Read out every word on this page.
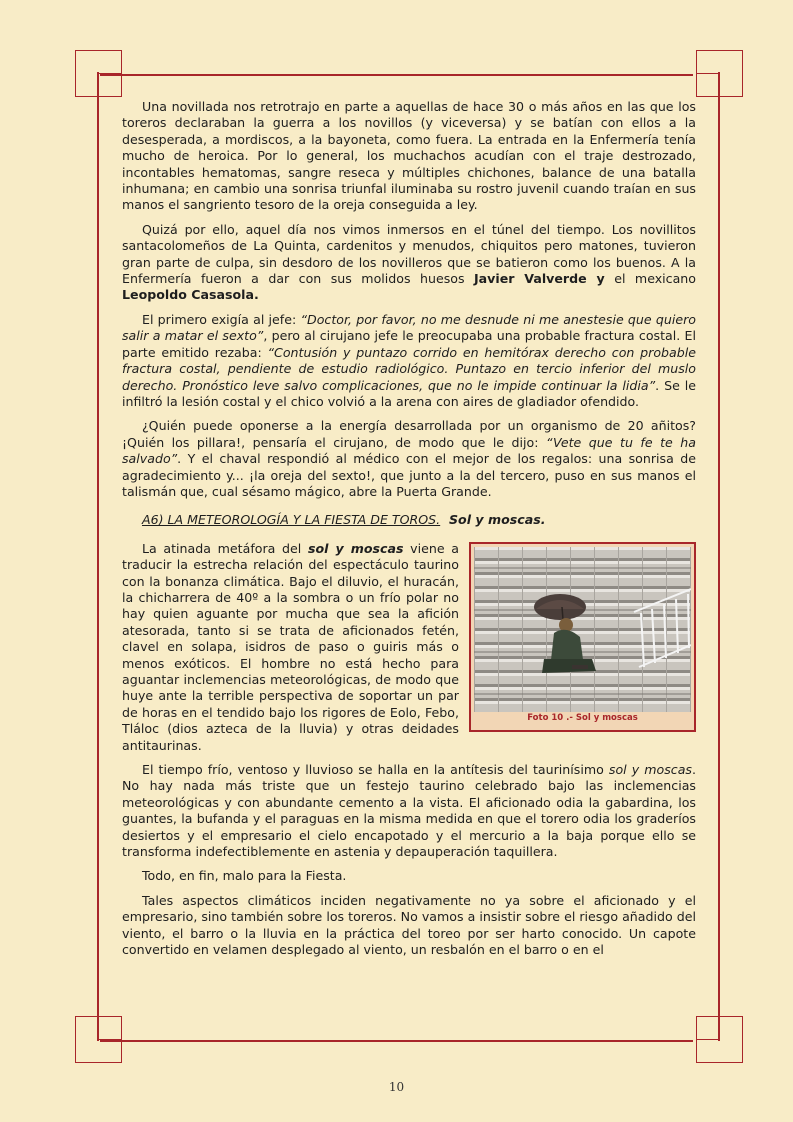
Una novillada nos retrotrajo en parte a aquellas de hace 30 o más años en las que los toreros declaraban la guerra a los novillos (y viceversa) y se batían con ellos a la desesperada, a mordiscos, a la bayoneta, como fuera. La entrada en la Enfermería tenía mucho de heroica. Por lo general, los muchachos acudían con el traje destrozado, incontables hematomas, sangre reseca y múltiples chichones, balance de una batalla inhumana; en cambio una sonrisa triunfal iluminaba su rostro juvenil cuando traían en sus manos el sangriento tesoro de la oreja conseguida a ley.

Quizá por ello, aquel día nos vimos inmersos en el túnel del tiempo. Los novillitos santacolomeños de La Quinta, cardenitos y menudos, chiquitos pero matones, tuvieron gran parte de culpa, sin desdoro de los novilleros que se batieron como los buenos. A la Enfermería fueron a dar con sus molidos huesos Javier Valverde y el mexicano Leopoldo Casasola.

El primero exigía al jefe: “Doctor, por favor, no me desnude ni me anestesie que quiero salir a matar el sexto”, pero al cirujano jefe le preocupaba una probable fractura costal. El parte emitido rezaba: “Contusión y puntazo corrido en hemitórax derecho con probable fractura costal, pendiente de estudio radiológico. Puntazo en tercio inferior del muslo derecho. Pronóstico leve salvo complicaciones, que no le impide continuar la lidia”. Se le infiltró la lesión costal y el chico volvió a la arena con aires de gladiador ofendido.

¿Quién puede oponerse a la energía desarrollada por un organismo de 20 añitos? ¡Quién los pillara!, pensaría el cirujano, de modo que le dijo: “Vete que tu fe te ha salvado”. Y el chaval respondió al médico con el mejor de los regalos: una sonrisa de agradecimiento y... ¡la oreja del sexto!, que junto a la del tercero, puso en sus manos el talismán que, cual sésamo mágico, abre la Puerta Grande.

A6) LA METEOROLOGÍA Y LA FIESTA DE TOROS. Sol y moscas.
Foto 10 .- Sol y moscas

La atinada metáfora del sol y moscas viene a traducir la estrecha relación del espectáculo taurino con la bonanza climática. Bajo el diluvio, el huracán, la chicharrera de 40º a la sombra o un frío polar no hay quien aguante por mucha que sea la afición atesorada, tanto si se trata de aficionados fetén, clavel en solapa, isidros de paso o guiris más o menos exóticos. El hombre no está hecho para aguantar inclemencias meteorológicas, de modo que huye ante la terrible perspectiva de soportar un par de horas en el tendido bajo los rigores de Eolo, Febo, Tláloc (dios azteca de la lluvia) y otras deidades antitaurinas.

El tiempo frío, ventoso y lluvioso se halla en la antítesis del taurinísimo sol y moscas. No hay nada más triste que un festejo taurino celebrado bajo las inclemencias meteorológicas y con abundante cemento a la vista. El aficionado odia la gabardina, los guantes, la bufanda y el paraguas en la misma medida en que el torero odia los graderíos desiertos y el empresario el cielo encapotado y el mercurio a la baja porque ello se transforma indefectiblemente en astenia y depauperación taquillera.

Todo, en fin, malo para la Fiesta.

Tales aspectos climáticos inciden negativamente no ya sobre el aficionado y el empresario, sino también sobre los toreros. No vamos a insistir sobre el riesgo añadido del viento, el barro o la lluvia en la práctica del toreo por ser harto conocido. Un capote convertido en velamen desplegado al viento, un resbalón en el barro o en el

10
